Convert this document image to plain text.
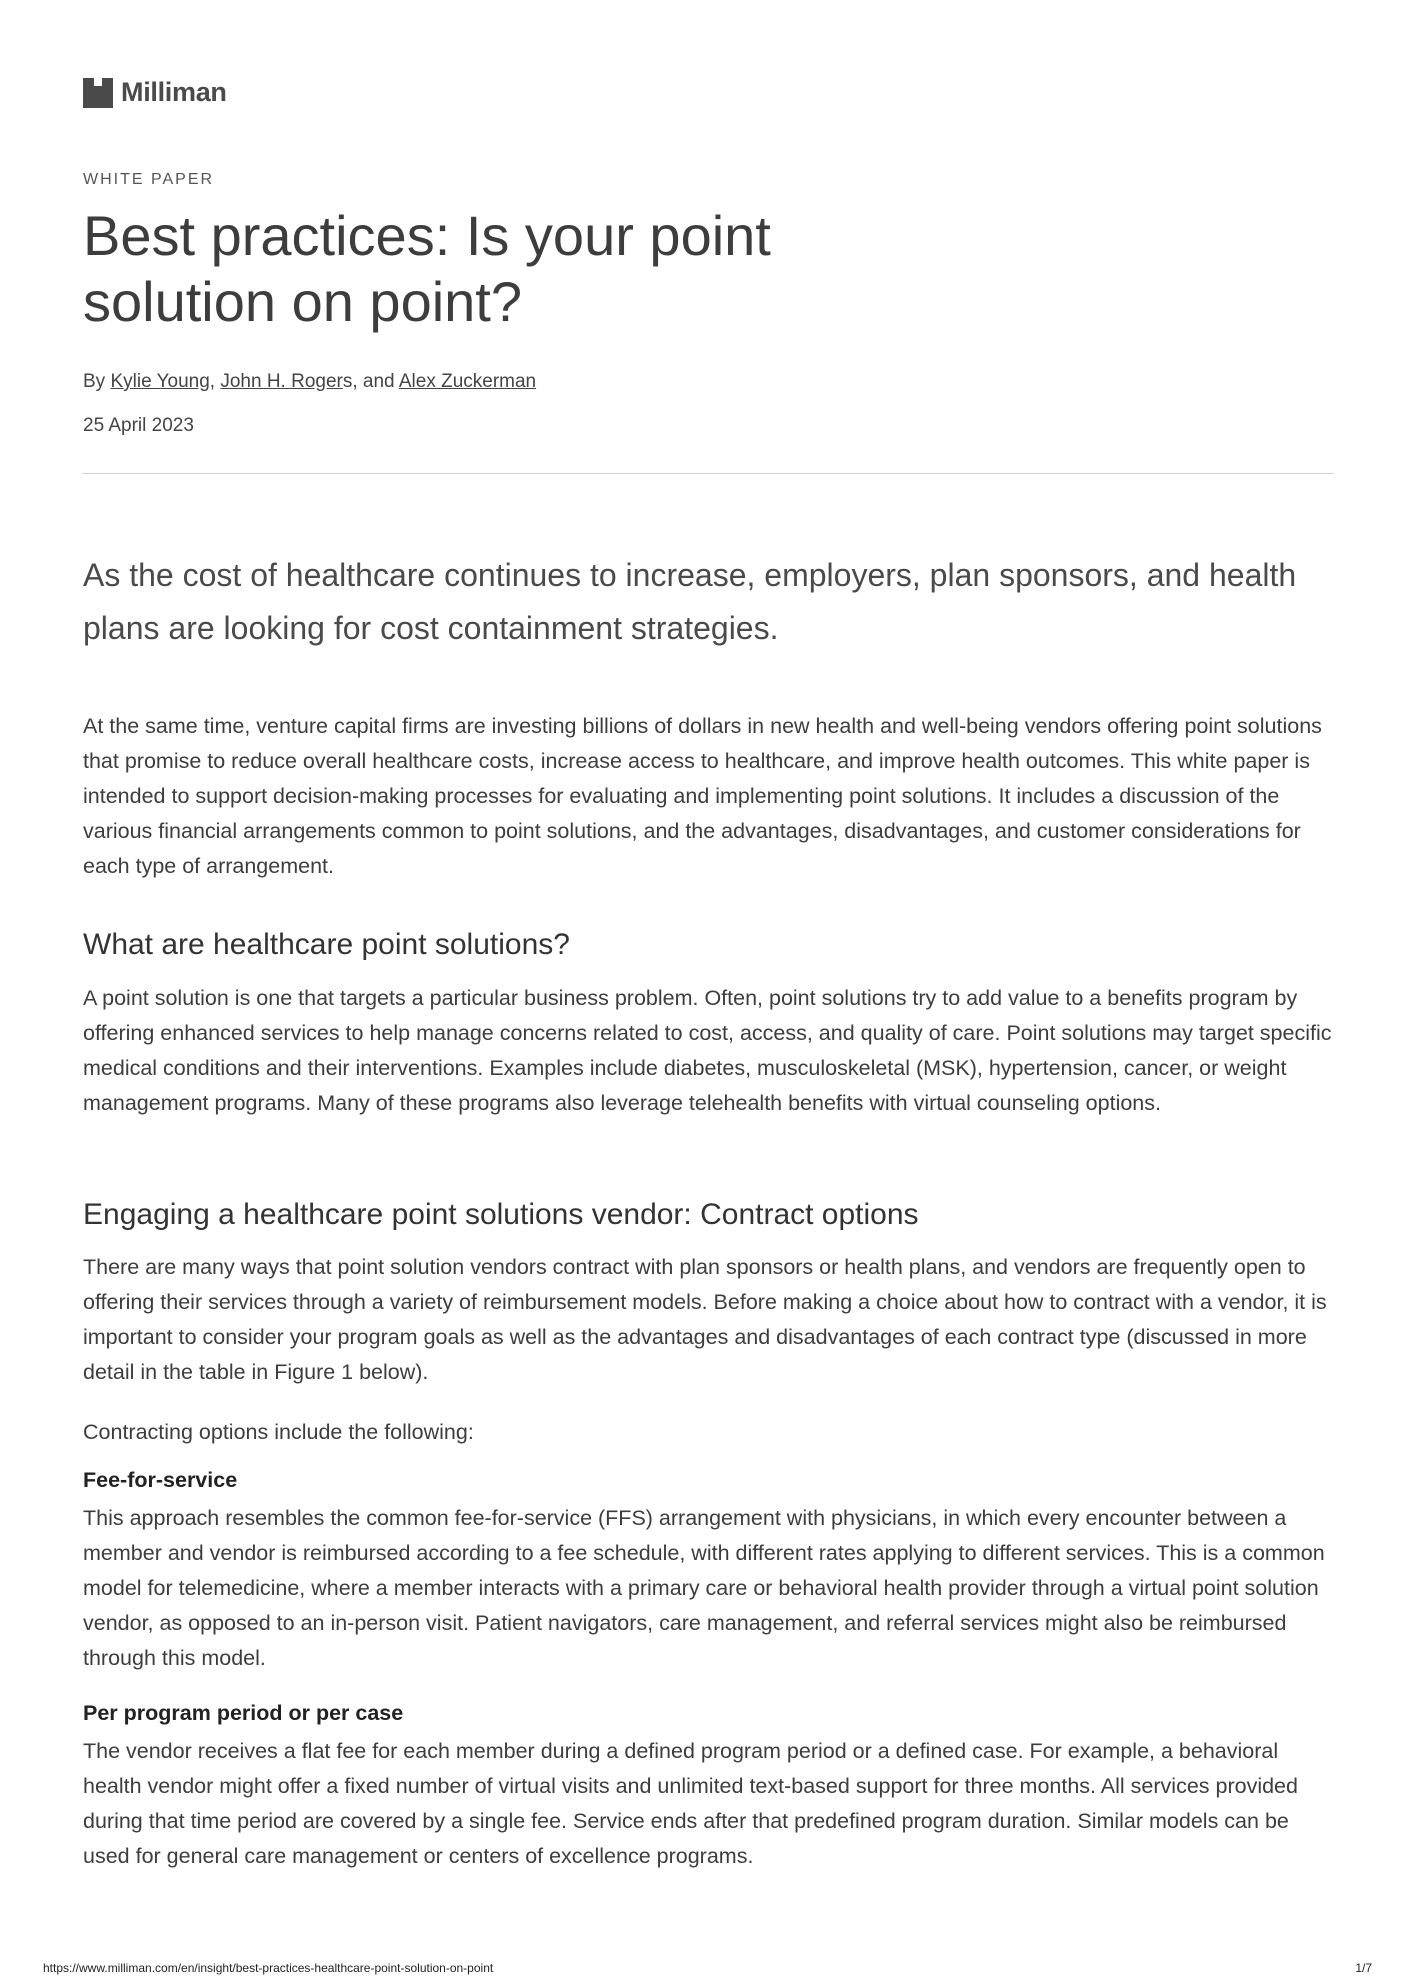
Milliman
WHITE PAPER
Best practices: Is your point solution on point?
By Kylie Young, John H. Rogers, and Alex Zuckerman
25 April 2023

As the cost of healthcare continues to increase, employers, plan sponsors, and health plans are looking for cost containment strategies.

At the same time, venture capital firms are investing billions of dollars in new health and well-being vendors offering point solutions that promise to reduce overall healthcare costs, increase access to healthcare, and improve health outcomes. This white paper is intended to support decision-making processes for evaluating and implementing point solutions. It includes a discussion of the various financial arrangements common to point solutions, and the advantages, disadvantages, and customer considerations for each type of arrangement.

What are healthcare point solutions?

A point solution is one that targets a particular business problem. Often, point solutions try to add value to a benefits program by offering enhanced services to help manage concerns related to cost, access, and quality of care. Point solutions may target specific medical conditions and their interventions. Examples include diabetes, musculoskeletal (MSK), hypertension, cancer, or weight management programs. Many of these programs also leverage telehealth benefits with virtual counseling options.

Engaging a healthcare point solutions vendor: Contract options

There are many ways that point solution vendors contract with plan sponsors or health plans, and vendors are frequently open to offering their services through a variety of reimbursement models. Before making a choice about how to contract with a vendor, it is important to consider your program goals as well as the advantages and disadvantages of each contract type (discussed in more detail in the table in Figure 1 below).

Contracting options include the following:

Fee-for-service

This approach resembles the common fee-for-service (FFS) arrangement with physicians, in which every encounter between a member and vendor is reimbursed according to a fee schedule, with different rates applying to different services. This is a common model for telemedicine, where a member interacts with a primary care or behavioral health provider through a virtual point solution vendor, as opposed to an in-person visit. Patient navigators, care management, and referral services might also be reimbursed through this model.

Per program period or per case

The vendor receives a flat fee for each member during a defined program period or a defined case. For example, a behavioral health vendor might offer a fixed number of virtual visits and unlimited text-based support for three months. All services provided during that time period are covered by a single fee. Service ends after that predefined program duration. Similar models can be used for general care management or centers of excellence programs.

https://www.milliman.com/en/insight/best-practices-healthcare-point-solution-on-point	1/7
